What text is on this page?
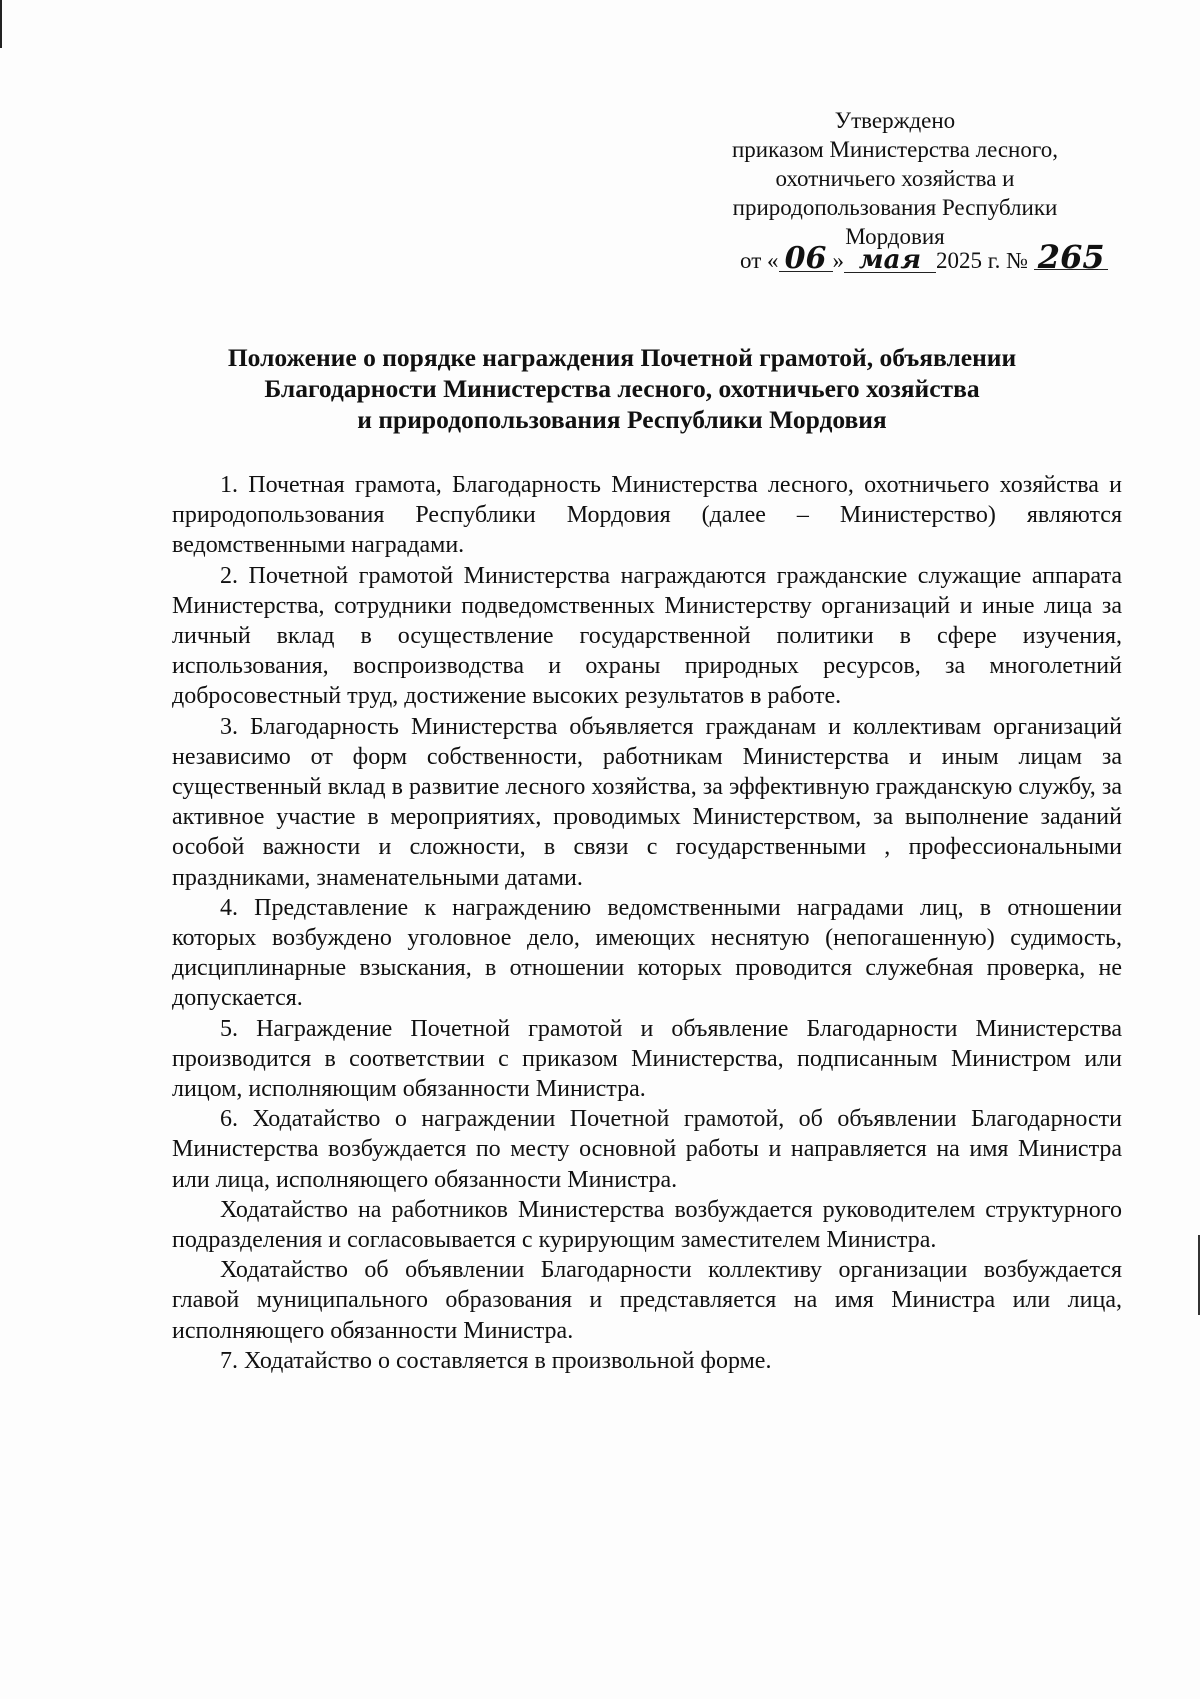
Утверждено
приказом Министерства лесного,
охотничьего хозяйства и
природопользования Республики
Мордовия
от « 06 » мая 2025 г. № 265
Положение о порядке награждения Почетной грамотой, объявлении
Благодарности Министерства лесного, охотничьего хозяйства
и природопользования Республики Мордовия

1. Почетная грамота, Благодарность Министерства лесного, охотничьего хозяйства и природопользования Республики Мордовия (далее – Министерство) являются ведомственными наградами.

2. Почетной грамотой Министерства награждаются гражданские служащие аппарата Министерства, сотрудники подведомственных Министерству организаций и иные лица за личный вклад в осуществление государственной политики в сфере изучения, использования, воспроизводства и охраны природных ресурсов, за многолетний добросовестный труд, достижение высоких результатов в работе.

3. Благодарность Министерства объявляется гражданам и коллективам организаций независимо от форм собственности, работникам Министерства и иным лицам за существенный вклад в развитие лесного хозяйства, за эффективную гражданскую службу, за активное участие в мероприятиях, проводимых Министерством, за выполнение заданий особой важности и сложности, в связи с государственными , профессиональными праздниками, знаменательными датами.

4. Представление к награждению ведомственными наградами лиц, в отношении которых возбуждено уголовное дело, имеющих неснятую (непогашенную) судимость, дисциплинарные взыскания, в отношении которых проводится служебная проверка, не допускается.

5. Награждение Почетной грамотой и объявление Благодарности Министерства производится в соответствии с приказом Министерства, подписанным Министром или лицом, исполняющим обязанности Министра.

6. Ходатайство о награждении Почетной грамотой, об объявлении Благодарности Министерства возбуждается по месту основной работы и направляется на имя Министра или лица, исполняющего обязанности Министра.

Ходатайство на работников Министерства возбуждается руководителем структурного подразделения и согласовывается с курирующим заместителем Министра.

Ходатайство об объявлении Благодарности коллективу организации возбуждается главой муниципального образования и представляется на имя Министра или лица, исполняющего обязанности Министра.

7. Ходатайство о составляется в произвольной форме.
